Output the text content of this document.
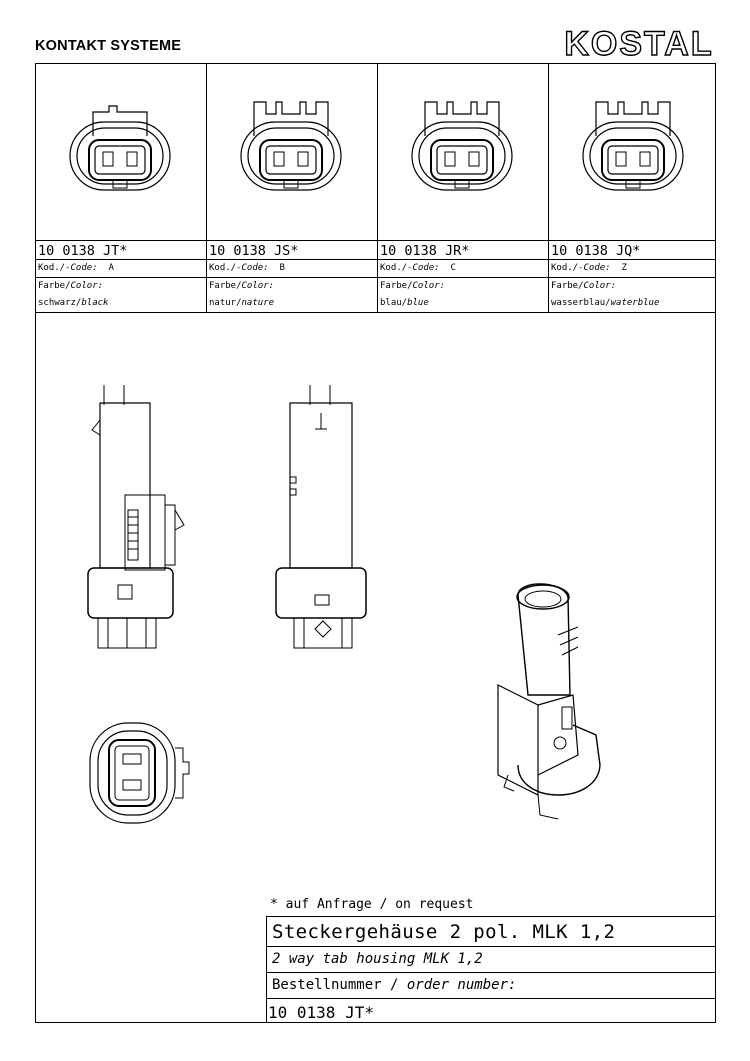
KONTAKT SYSTEME	KOSTAL
10 0138 JT*
Kod./-Code: A
Farbe/Color:
schwarz/black
10 0138 JS*
Kod./-Code: B
Farbe/Color:
natur/nature
10 0138 JR*
Kod./-Code: C
Farbe/Color:
blau/blue
10 0138 JQ*
Kod./-Code: Z
Farbe/Color:
wasserblau/waterblue
* auf Anfrage / on request
Steckergehäuse 2 pol. MLK 1,2
2 way tab housing MLK 1,2
Bestellnummer / order number:
10 0138 JT*
